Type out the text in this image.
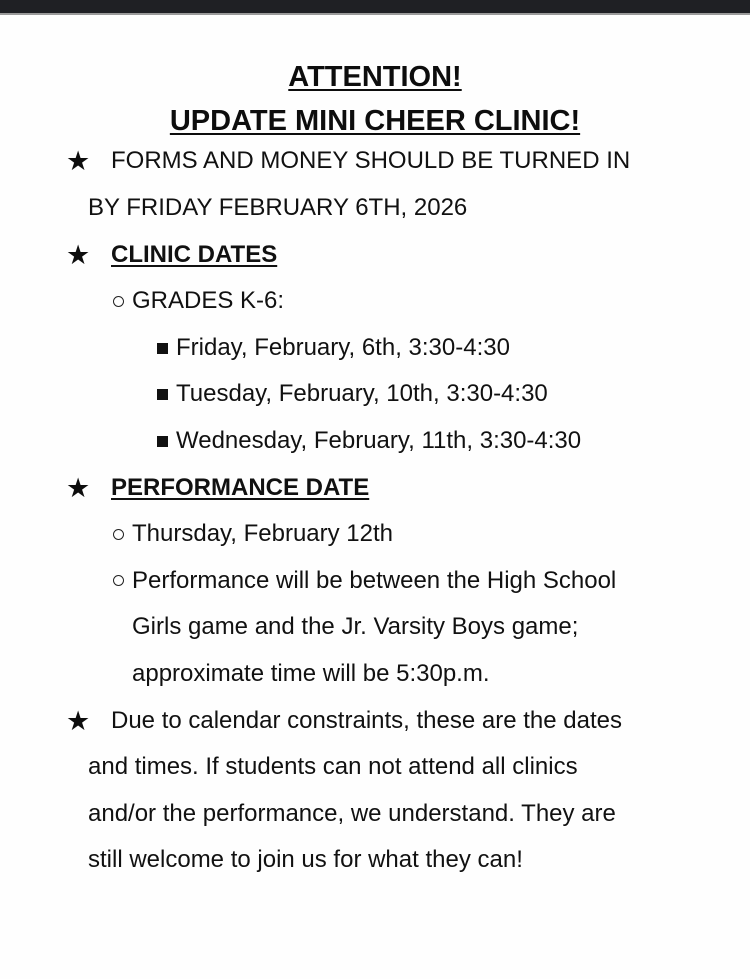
ATTENTION!
UPDATE MINI CHEER CLINIC!
★ FORMS AND MONEY SHOULD BE TURNED IN
BY FRIDAY FEBRUARY 6TH, 2026
★ CLINIC DATES
GRADES K-6:
Friday, February, 6th, 3:30-4:30
Tuesday, February, 10th, 3:30-4:30
Wednesday, February, 11th, 3:30-4:30
★ PERFORMANCE DATE
Thursday, February 12th
Performance will be between the High School
Girls game and the Jr. Varsity Boys game;
approximate time will be 5:30p.m.
★ Due to calendar constraints, these are the dates
and times. If students can not attend all clinics
and/or the performance, we understand. They are
still welcome to join us for what they can!
